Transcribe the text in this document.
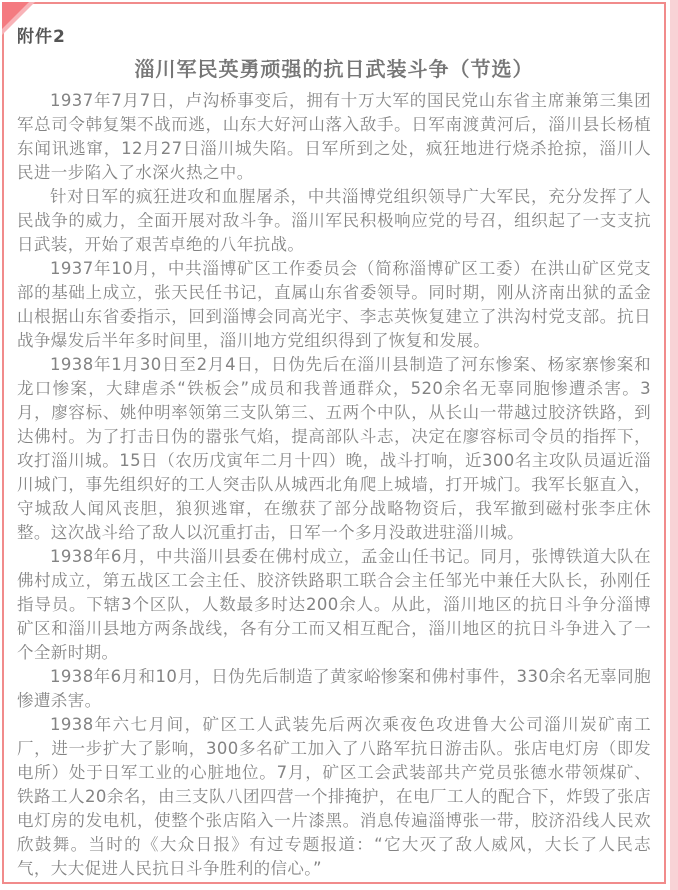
附件2
淄川军民英勇顽强的抗日武装斗争（节选）

1937年7月7日，卢沟桥事变后，拥有十万大军的国民党山东省主席兼第三集团军总司令韩复榘不战而逃，山东大好河山落入敌手。日军南渡黄河后，淄川县长杨植东闻讯逃窜，12月27日淄川城失陷。日军所到之处，疯狂地进行烧杀抢掠，淄川人民进一步陷入了水深火热之中。

针对日军的疯狂进攻和血腥屠杀，中共淄博党组织领导广大军民，充分发挥了人民战争的威力，全面开展对敌斗争。淄川军民积极响应党的号召，组织起了一支支抗日武装，开始了艰苦卓绝的八年抗战。

1937年10月，中共淄博矿区工作委员会（简称淄博矿区工委）在洪山矿区党支部的基础上成立，张天民任书记，直属山东省委领导。同时期，刚从济南出狱的孟金山根据山东省委指示，回到淄博会同高光宇、李志英恢复建立了洪沟村党支部。抗日战争爆发后半年多时间里，淄川地方党组织得到了恢复和发展。

1938年1月30日至2月4日，日伪先后在淄川县制造了河东惨案、杨家寨惨案和龙口惨案，大肆虐杀“铁板会”成员和我普通群众，520余名无辜同胞惨遭杀害。3月，廖容标、姚仲明率领第三支队第三、五两个中队，从长山一带越过胶济铁路，到达佛村。为了打击日伪的嚣张气焰，提高部队斗志，决定在廖容标司令员的指挥下，攻打淄川城。15日（农历戊寅年二月十四）晚，战斗打响，近300名主攻队员逼近淄川城门，事先组织好的工人突击队从城西北角爬上城墙，打开城门。我军长躯直入，守城敌人闻风丧胆，狼狈逃窜，在缴获了部分战略物资后，我军撤到磁村张李庄休整。这次战斗给了敌人以沉重打击，日军一个多月没敢进驻淄川城。

1938年6月，中共淄川县委在佛村成立，孟金山任书记。同月，张博铁道大队在佛村成立，第五战区工会主任、胶济铁路职工联合会主任邹光中兼任大队长，孙刚任指导员。下辖3个区队，人数最多时达200余人。从此，淄川地区的抗日斗争分淄博矿区和淄川县地方两条战线，各有分工而又相互配合，淄川地区的抗日斗争进入了一个全新时期。

1938年6月和10月，日伪先后制造了黄家峪惨案和佛村事件，330余名无辜同胞惨遭杀害。

1938年六七月间，矿区工人武装先后两次乘夜色攻进鲁大公司淄川炭矿南工厂，进一步扩大了影响，300多名矿工加入了八路军抗日游击队。张店电灯房（即发电所）处于日军工业的心脏地位。7月，矿区工会武装部共产党员张德水带领煤矿、铁路工人20余名，由三支队八团四营一个排掩护，在电厂工人的配合下，炸毁了张店电灯房的发电机，使整个张店陷入一片漆黑。消息传遍淄博张一带，胶济沿线人民欢欣鼓舞。当时的《大众日报》有过专题报道：“它大灭了敌人威风，大长了人民志气，大大促进人民抗日斗争胜利的信心。”
